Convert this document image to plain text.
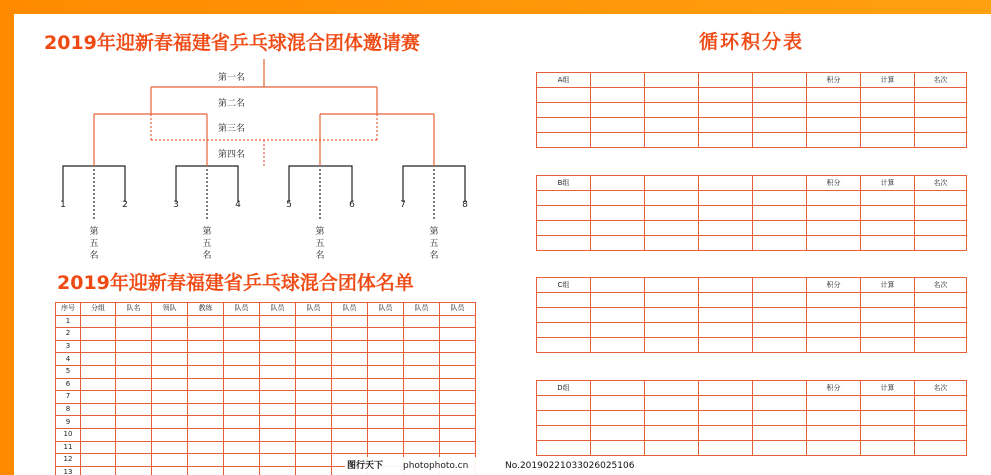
2019年迎新春福建省乒乓球混合团体邀请赛	循环积分表
第一名
第二名
第三名
第四名
1	2	3	4	5	6	7	8
第
五
名
第
五
名
第
五
名
第
五
名
2019年迎新春福建省乒乓球混合团体名单
序号	分组	队名	领队	教练	队员	队员	队员	队员	队员	队员	队员
1											
2											
3											
4											
5											
6											
7											
8											
9											
10											
11											
12											
13											
A组					积分	计算	名次

B组					积分	计算	名次

C组					积分	计算	名次

D组					积分	计算	名次

图行天下 photophoto.cn	No.20190221033026025106
